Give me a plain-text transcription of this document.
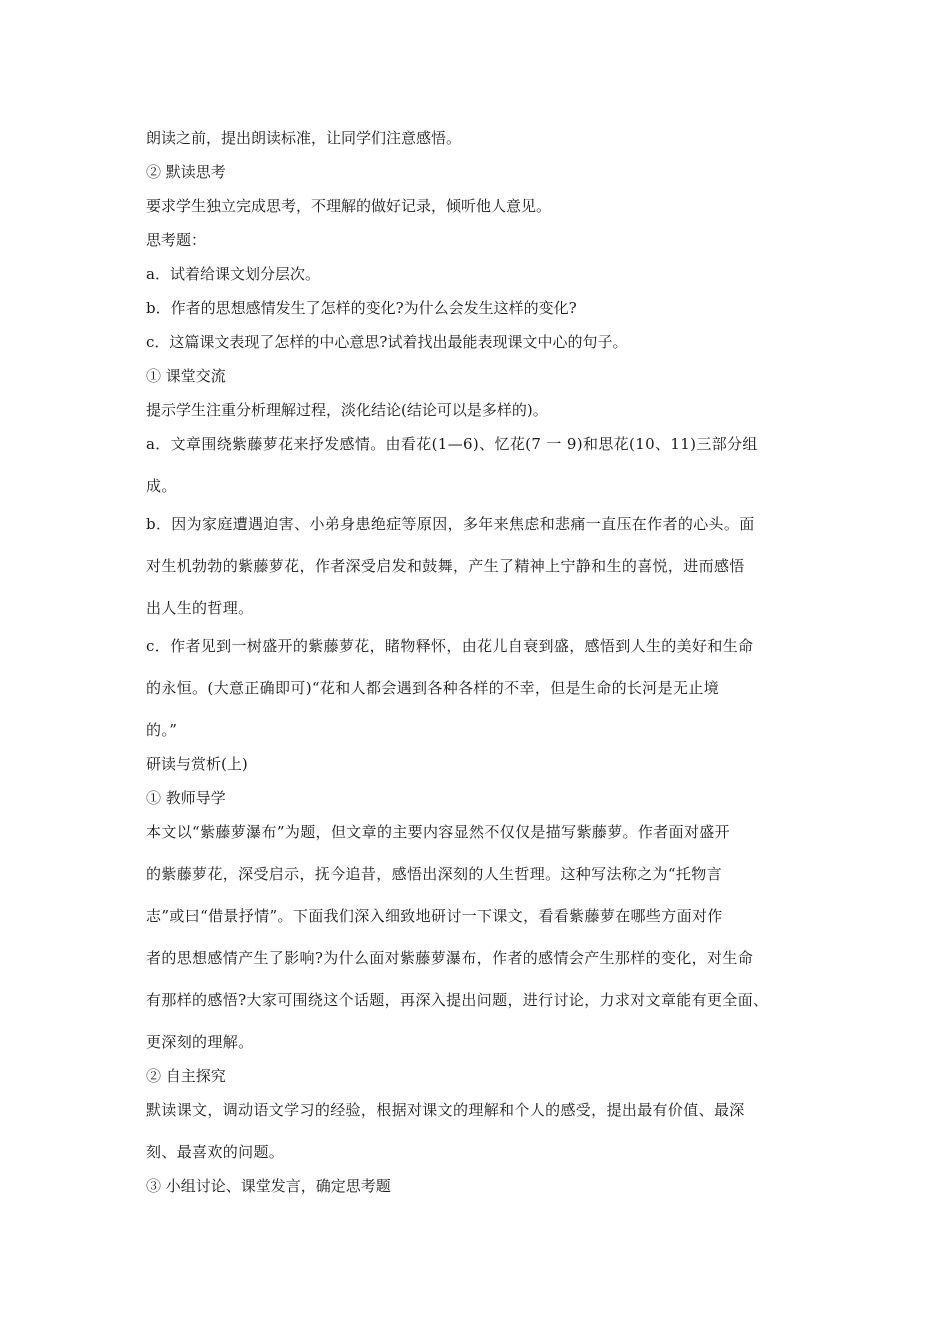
朗读之前，提出朗读标准，让同学们注意感悟。

② 默读思考

要求学生独立完成思考，不理解的做好记录，倾听他人意见。

思考题：

a．试着给课文划分层次。

b．作者的思想感情发生了怎样的变化?为什么会发生这样的变化?

c．这篇课文表现了怎样的中心意思?试着找出最能表现课文中心的句子。

① 课堂交流

提示学生注重分析理解过程，淡化结论(结论可以是多样的)。

a．文章围绕紫藤萝花来抒发感情。由看花(1—6)、忆花(7 一 9)和思花(10、11)三部分组
成。
b．因为家庭遭遇迫害、小弟身患绝症等原因，多年来焦虑和悲痛一直压在作者的心头。面
对生机勃勃的紫藤萝花，作者深受启发和鼓舞，产生了精神上宁静和生的喜悦，进而感悟
出人生的哲理。
c．作者见到一树盛开的紫藤萝花，睹物释怀，由花儿自衰到盛，感悟到人生的美好和生命
的永恒。(大意正确即可)“花和人都会遇到各种各样的不幸，但是生命的长河是无止境
的。”

研读与赏析(上)

① 教师导学

本文以“紫藤萝瀑布”为题，但文章的主要内容显然不仅仅是描写紫藤萝。作者面对盛开
的紫藤萝花，深受启示，抚今追昔，感悟出深刻的人生哲理。这种写法称之为“托物言
志”或曰“借景抒情”。下面我们深入细致地研讨一下课文，看看紫藤萝在哪些方面对作
者的思想感情产生了影响?为什么面对紫藤萝瀑布，作者的感情会产生那样的变化，对生命
有那样的感悟?大家可围绕这个话题，再深入提出问题，进行讨论，力求对文章能有更全面、
更深刻的理解。

② 自主探究

默读课文，调动语文学习的经验，根据对课文的理解和个人的感受，提出最有价值、最深
刻、最喜欢的问题。

③ 小组讨论、课堂发言，确定思考题
